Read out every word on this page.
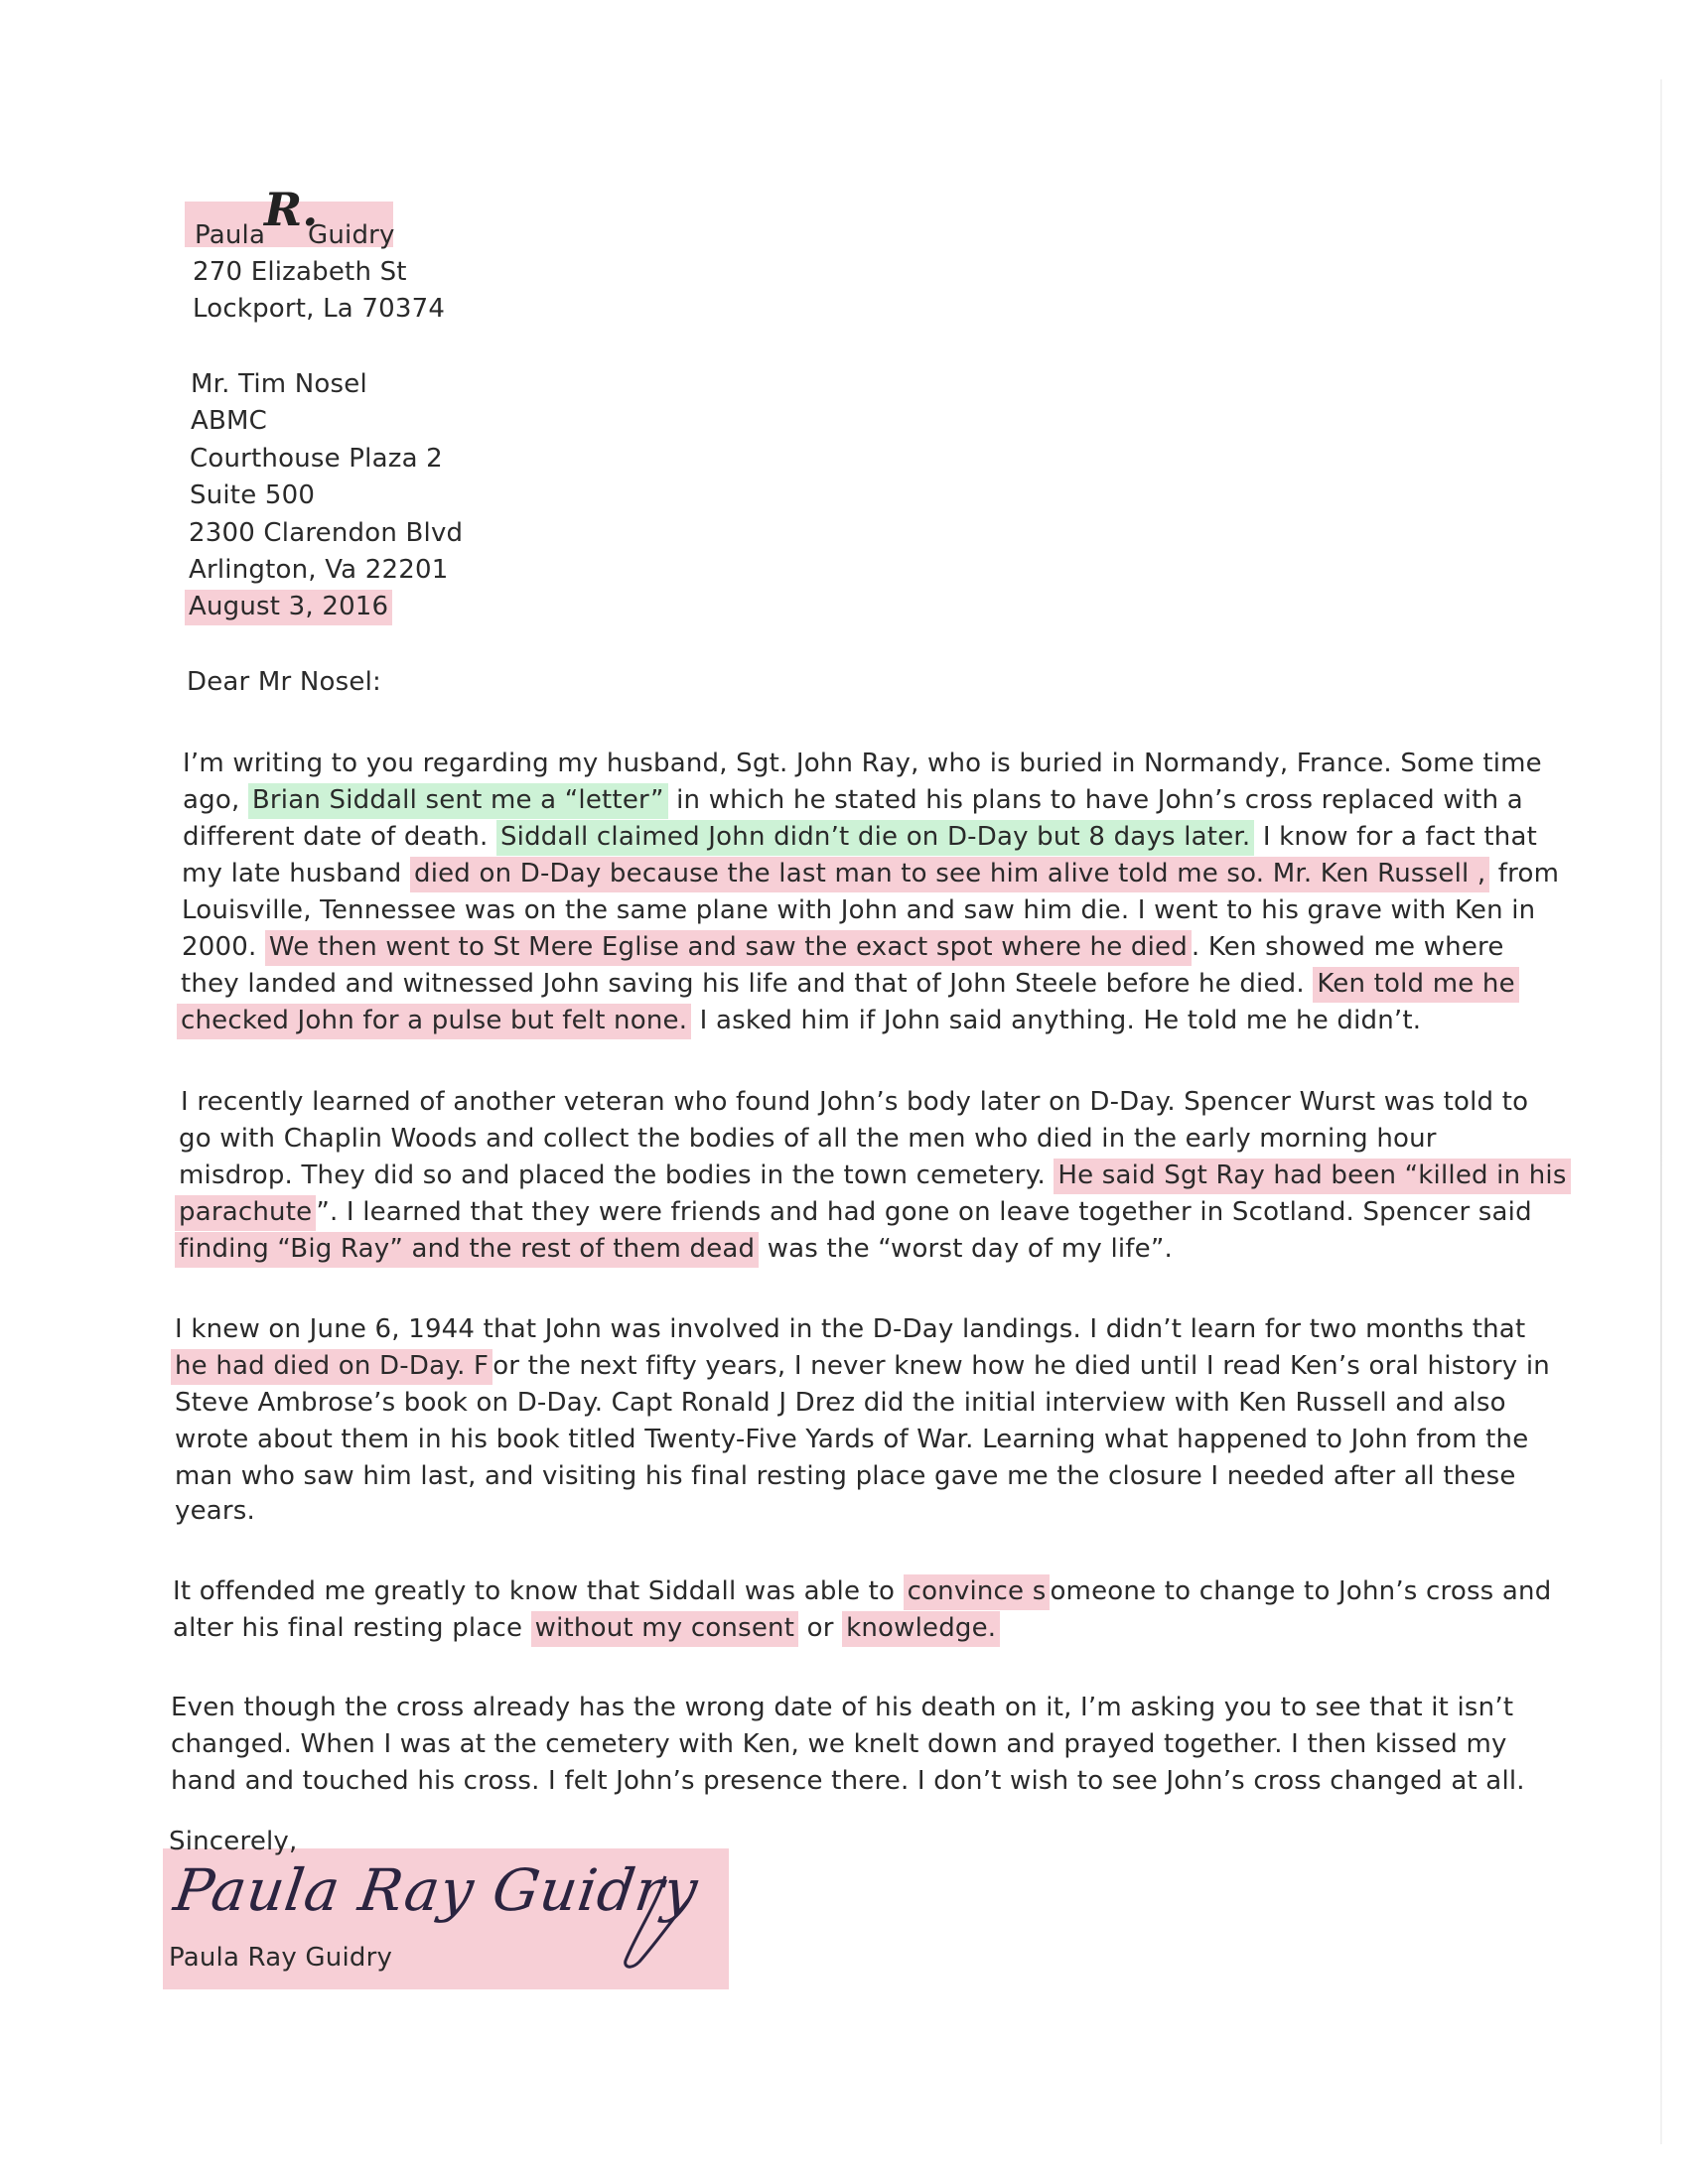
Paula Guidry
R.
270 Elizabeth St
Lockport, La 70374
Mr. Tim Nosel
ABMC
Courthouse Plaza 2
Suite 500
2300 Clarendon Blvd
Arlington, Va 22201
August 3, 2016
Dear Mr Nosel:
I’m writing to you regarding my husband, Sgt. John Ray, who is buried in Normandy, France. Some time
ago, Brian Siddall sent me a “letter” in which he stated his plans to have John’s cross replaced with a
different date of death. Siddall claimed John didn’t die on D-Day but 8 days later. I know for a fact that
my late husband died on D-Day because the last man to see him alive told me so. Mr. Ken Russell , from
Louisville, Tennessee was on the same plane with John and saw him die. I went to his grave with Ken in
2000. We then went to St Mere Eglise and saw the exact spot where he died . Ken showed me where
they landed and witnessed John saving his life and that of John Steele before he died. Ken told me he
checked John for a pulse but felt none. I asked him if John said anything. He told me he didn’t.
I recently learned of another veteran who found John’s body later on D-Day. Spencer Wurst was told to
go with Chaplin Woods and collect the bodies of all the men who died in the early morning hour
misdrop. They did so and placed the bodies in the town cemetery. He said Sgt Ray had been “killed in his
parachute ”. I learned that they were friends and had gone on leave together in Scotland. Spencer said
finding “Big Ray” and the rest of them dead was the “worst day of my life”.
I knew on June 6, 1944 that John was involved in the D-Day landings. I didn’t learn for two months that
he had died on D-Day. F or the next fifty years, I never knew how he died until I read Ken’s oral history in
Steve Ambrose’s book on D-Day. Capt Ronald J Drez did the initial interview with Ken Russell and also
wrote about them in his book titled Twenty-Five Yards of War. Learning what happened to John from the
man who saw him last, and visiting his final resting place gave me the closure I needed after all these
years.
It offended me greatly to know that Siddall was able to convince s omeone to change to John’s cross and
alter his final resting place without my consent or knowledge.
Even though the cross already has the wrong date of his death on it, I’m asking you to see that it isn’t
changed. When I was at the cemetery with Ken, we knelt down and prayed together. I then kissed my
hand and touched his cross. I felt John’s presence there. I don’t wish to see John’s cross changed at all.
Sincerely,
Paula Ray Guidry
Paula Ray Guidry
